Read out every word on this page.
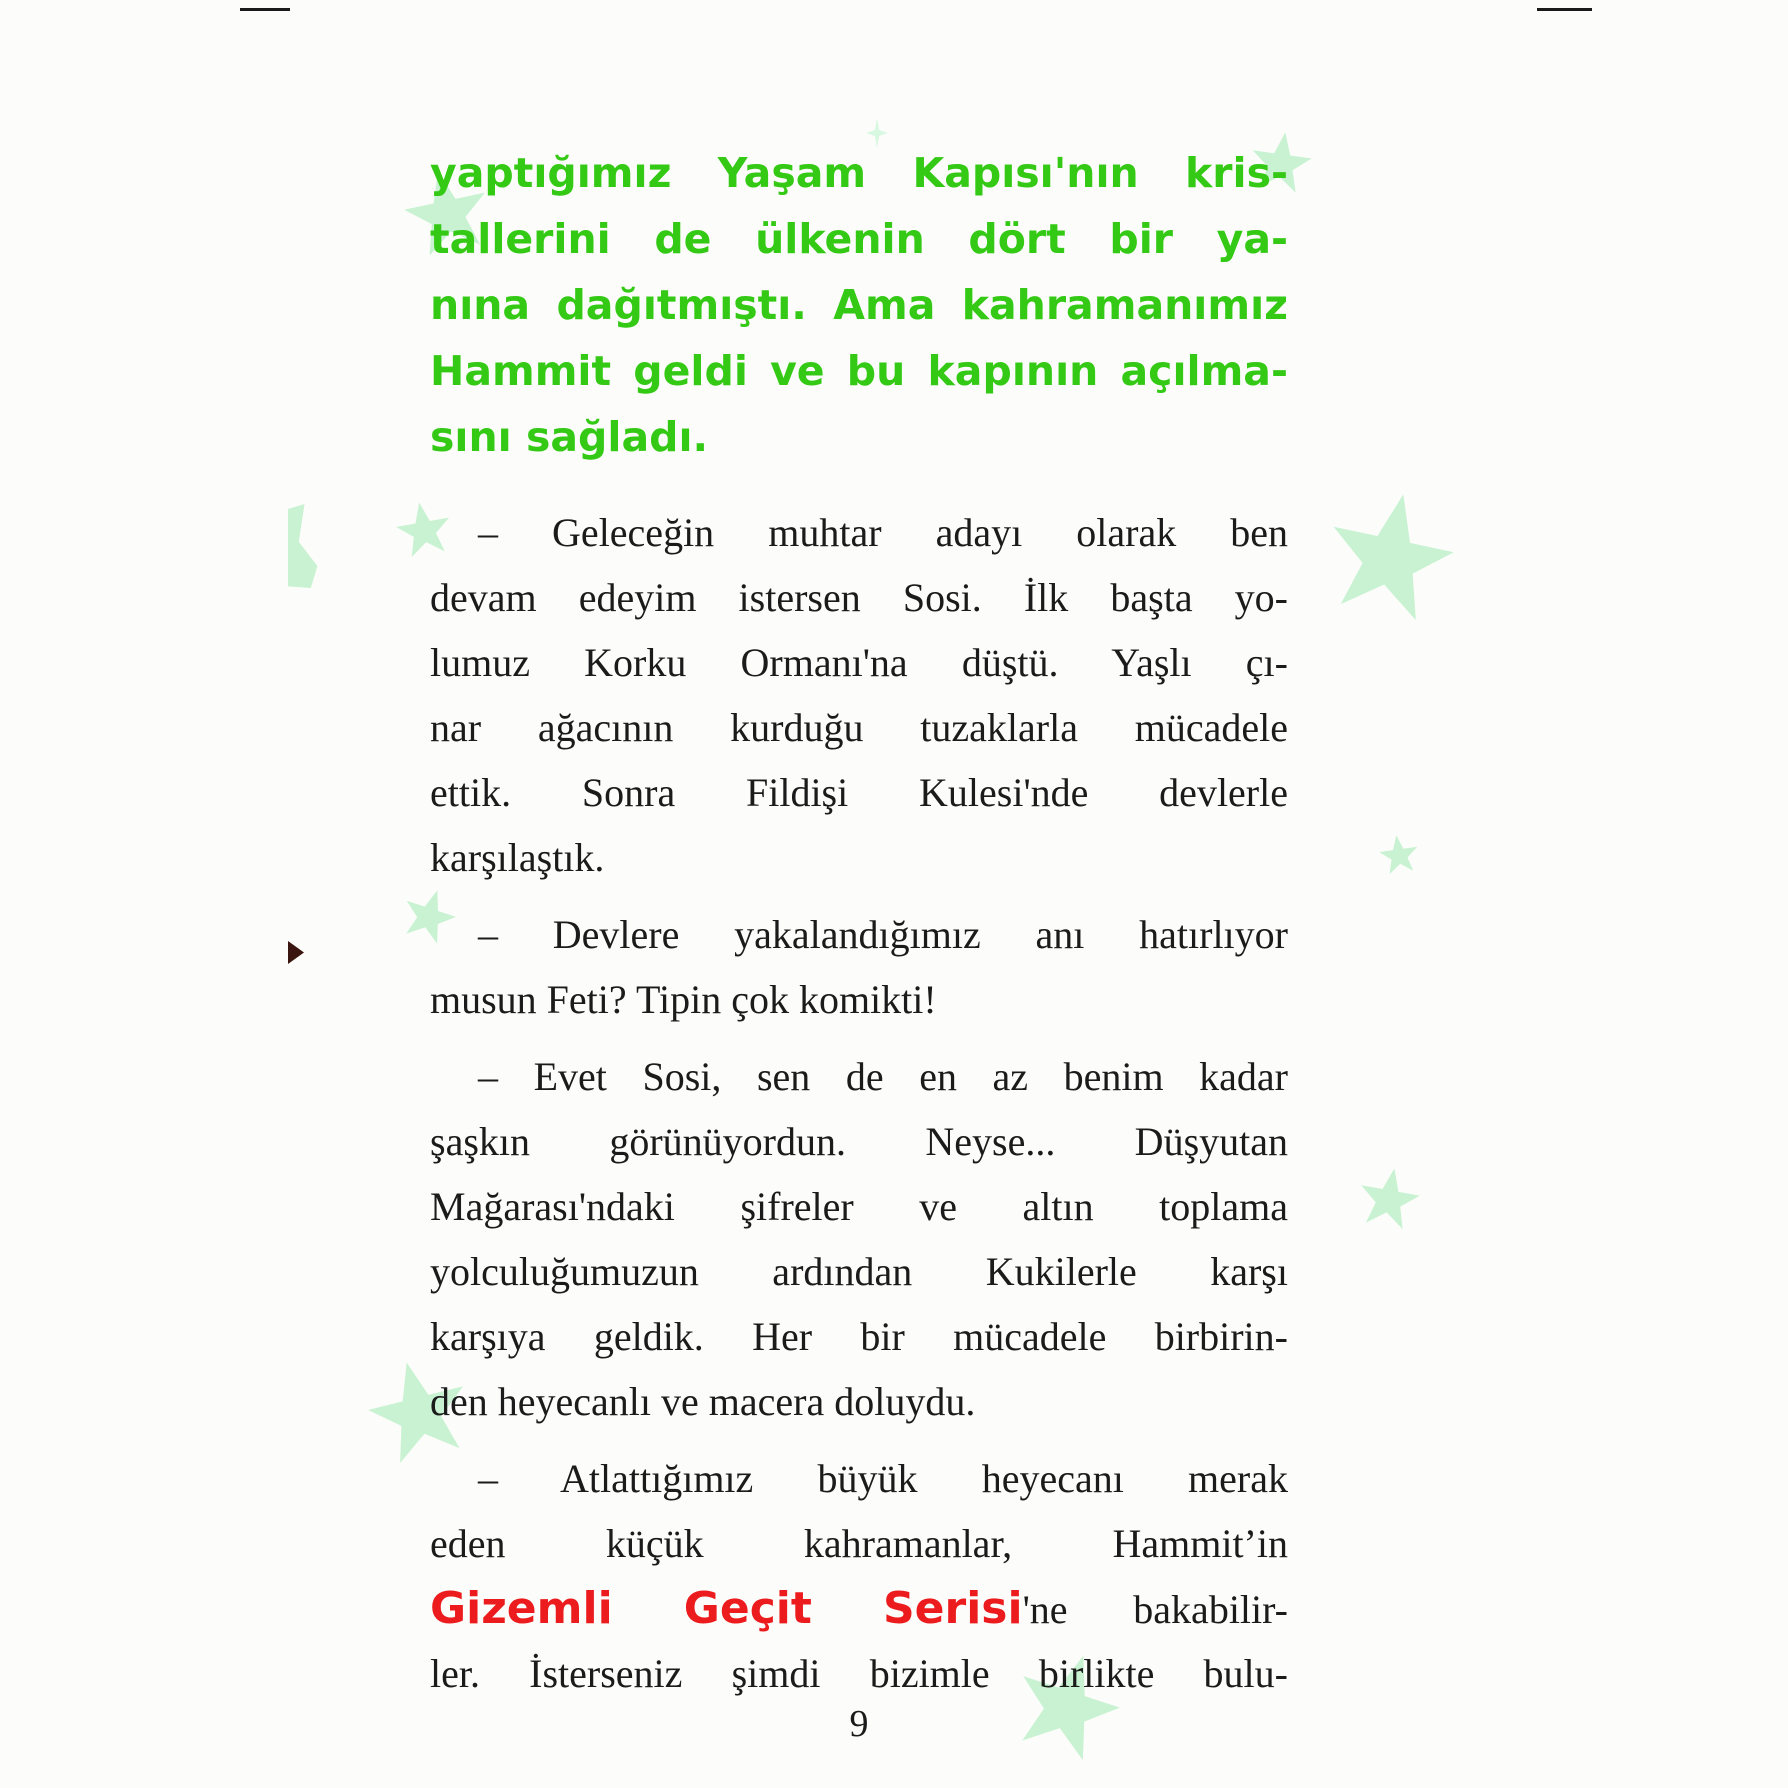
yaptığımız Yaşam Kapısı'nın kris-
tallerini de ülkenin dört bir ya-
nına dağıtmıştı. Ama kahramanımız
Hammit geldi ve bu kapının açılma-
sını sağladı.
– Geleceğin muhtar adayı olarak ben
devam edeyim istersen Sosi. İlk başta yo-
lumuz Korku Ormanı'na düştü. Yaşlı çı-
nar ağacının kurduğu tuzaklarla mücadele
ettik. Sonra Fildişi Kulesi'nde devlerle
karşılaştık.
– Devlere yakalandığımız anı hatırlıyor
musun Feti? Tipin çok komikti!
– Evet Sosi, sen de en az benim kadar
şaşkın görünüyordun. Neyse... Düşyutan
Mağarası'ndaki şifreler ve altın toplama
yolculuğumuzun ardından Kukilerle karşı
karşıya geldik. Her bir mücadele birbirin-
den heyecanlı ve macera doluydu.
– Atlattığımız büyük heyecanı merak
eden küçük kahramanlar, Hammit’in
Gizemli Geçit Serisi'ne bakabilir-
ler. İsterseniz şimdi bizimle birlikte bulu-
9
